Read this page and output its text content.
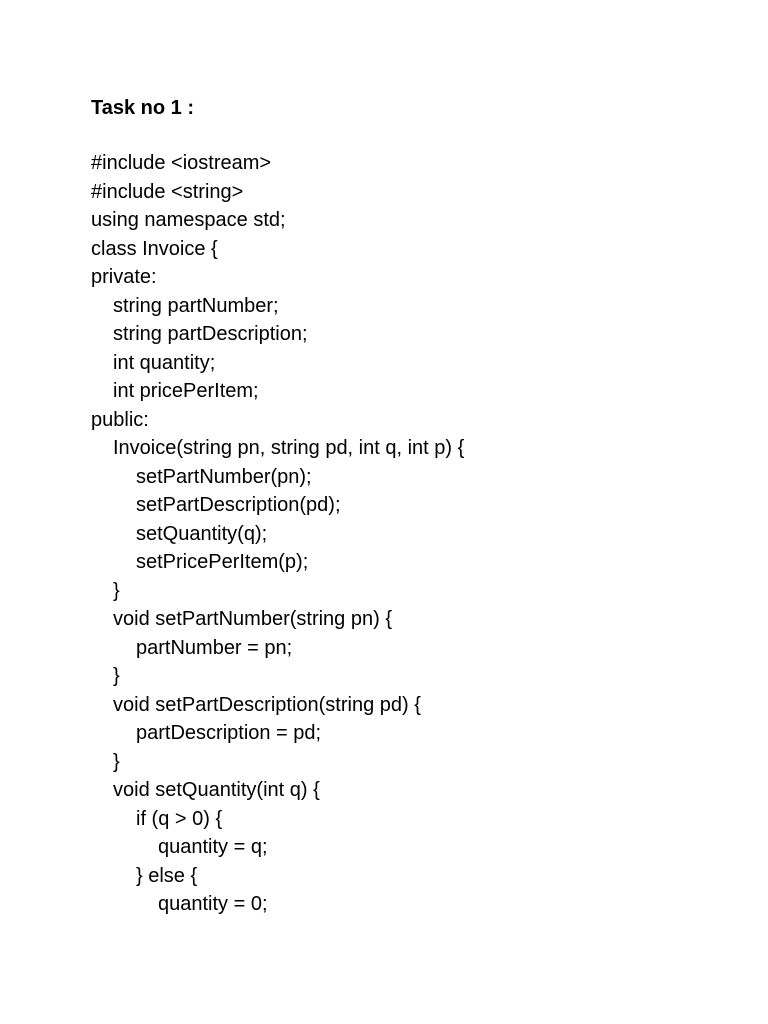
Task no 1 :
#include <iostream>
#include <string>
using namespace std;
class Invoice {
private:
string partNumber;
string partDescription;
int quantity;
int pricePerItem;
public:
Invoice(string pn, string pd, int q, int p) {
setPartNumber(pn);
setPartDescription(pd);
setQuantity(q);
setPricePerItem(p);
}
void setPartNumber(string pn) {
partNumber = pn;
}
void setPartDescription(string pd) {
partDescription = pd;
}
void setQuantity(int q) {
if (q > 0) {
quantity = q;
} else {
quantity = 0;
